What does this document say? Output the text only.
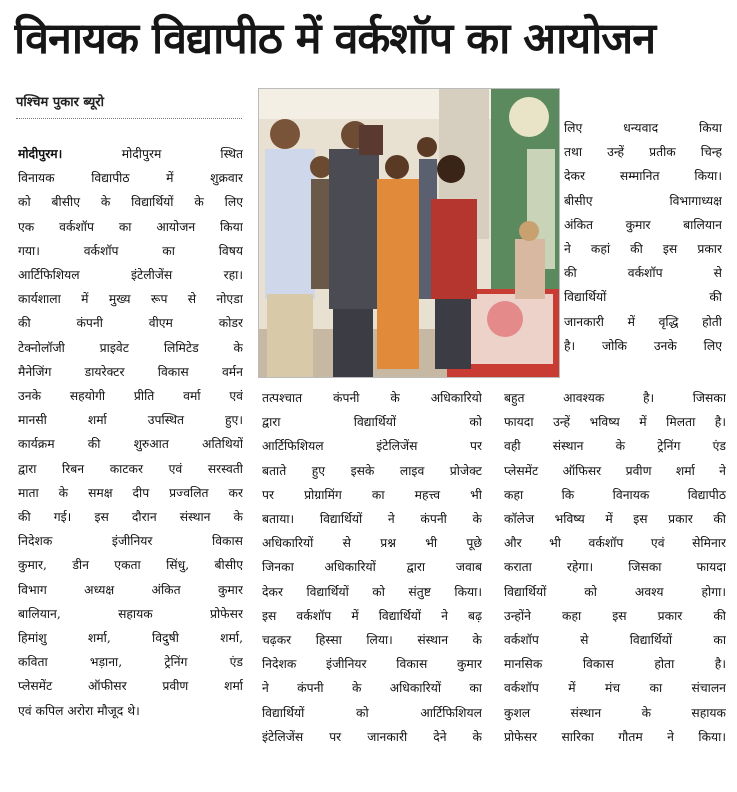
विनायक विद्यापीठ में वर्कशॉप का आयोजन
पश्चिम पुकार ब्यूरो
मोदीपुरम। मोदीपुरम स्थित
विनायक विद्यापीठ में शुक्रवार
को बीसीए के विद्यार्थियों के लिए
एक वर्कशॉप का आयोजन किया
गया। वर्कशॉप का विषय
आर्टिफिशियल इंटेलीजेंस रहा।
कार्यशाला में मुख्य रूप से नोएडा
की कंपनी वीएम कोडर
टेक्नोलॉजी प्राइवेट लिमिटेड के
मैनेजिंग डायरेक्टर विकास वर्मन
उनके सहयोगी प्रीति वर्मा एवं
मानसी शर्मा उपस्थित हुए।
कार्यक्रम की शुरुआत अतिथियों
द्वारा रिबन काटकर एवं सरस्वती
माता के समक्ष दीप प्रज्वलित कर
की गई। इस दौरान संस्थान के
निदेशक इंजीनियर विकास
कुमार, डीन एकता सिंधु, बीसीए
विभाग अध्यक्ष अंकित कुमार
बालियान, सहायक प्रोफेसर
हिमांशु शर्मा, विदुषी शर्मा,
कविता भड़ाना, ट्रेनिंग एंड
प्लेसमेंट ऑफीसर प्रवीण शर्मा
एवं कपिल अरोरा मौजूद थे।
लिए धन्यवाद किया
तथा उन्हें प्रतीक चिन्ह
देकर सम्मानित किया।
बीसीए विभागाध्यक्ष
अंकित कुमार बालियान
ने कहां की इस प्रकार
की वर्कशॉप से
विद्यार्थियों की
जानकारी में वृद्धि होती
है। जोकि उनके लिए
तत्पश्चात कंपनी के अधिकारियो
द्वारा विद्यार्थियों को
आर्टिफिशियल इंटेलिजेंस पर
बताते हुए इसके लाइव प्रोजेक्ट
पर प्रोग्रामिंग का महत्त्व भी
बताया। विद्यार्थियों ने कंपनी के
अधिकारियों से प्रश्न भी पूछे
जिनका अधिकारियों द्वारा जवाब
देकर विद्यार्थियों को संतुष्ट किया।
इस वर्कशॉप में विद्यार्थियों ने बढ़
चढ़कर हिस्सा लिया। संस्थान के
निदेशक इंजीनियर विकास कुमार
ने कंपनी के अधिकारियों का
विद्यार्थियों को आर्टिफिशियल
इंटेलिजेंस पर जानकारी देने के
बहुत आवश्यक है। जिसका
फायदा उन्हें भविष्य में मिलता है।
वही संस्थान के ट्रेनिंग एंड
प्लेसमेंट ऑफिसर प्रवीण शर्मा ने
कहा कि विनायक विद्यापीठ
कॉलेज भविष्य में इस प्रकार की
और भी वर्कशॉप एवं सेमिनार
कराता रहेगा। जिसका फायदा
विद्यार्थियों को अवश्य होगा।
उन्होंने कहा इस प्रकार की
वर्कशॉप से विद्यार्थियों का
मानसिक विकास होता है।
वर्कशॉप में मंच का संचालन
कुशल संस्थान के सहायक
प्रोफेसर सारिका गौतम ने किया।
